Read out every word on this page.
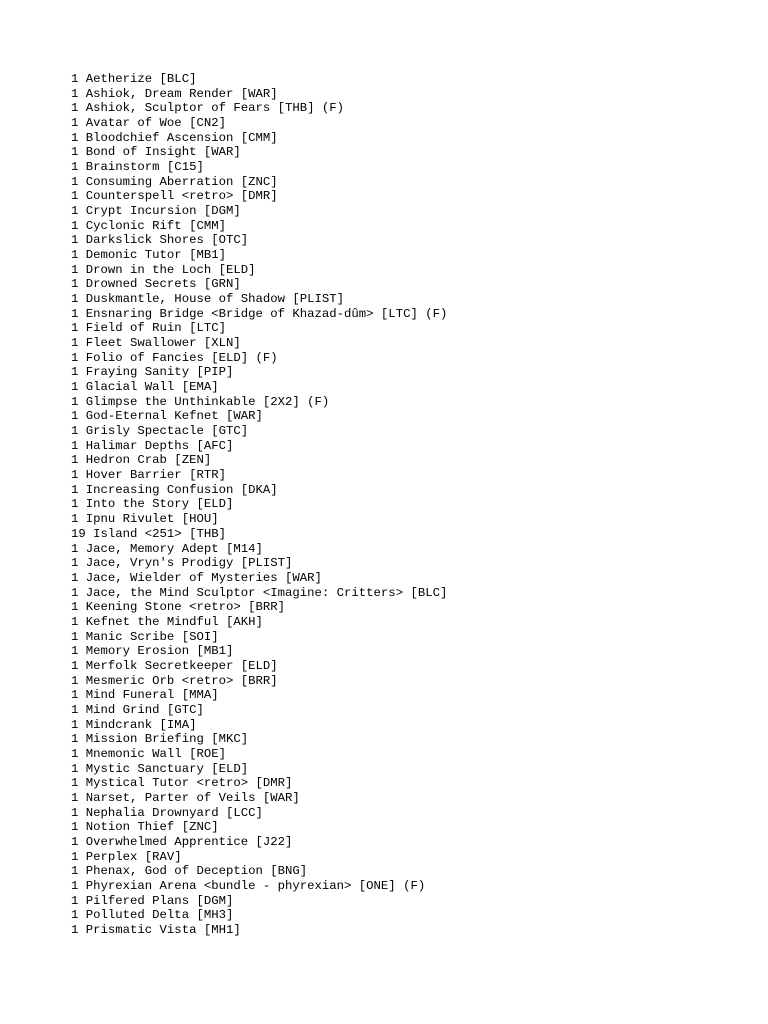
1 Aetherize [BLC]
1 Ashiok, Dream Render [WAR]
1 Ashiok, Sculptor of Fears [THB] (F)
1 Avatar of Woe [CN2]
1 Bloodchief Ascension [CMM]
1 Bond of Insight [WAR]
1 Brainstorm [C15]
1 Consuming Aberration [ZNC]
1 Counterspell <retro> [DMR]
1 Crypt Incursion [DGM]
1 Cyclonic Rift [CMM]
1 Darkslick Shores [OTC]
1 Demonic Tutor [MB1]
1 Drown in the Loch [ELD]
1 Drowned Secrets [GRN]
1 Duskmantle, House of Shadow [PLIST]
1 Ensnaring Bridge <Bridge of Khazad-dûm> [LTC] (F)
1 Field of Ruin [LTC]
1 Fleet Swallower [XLN]
1 Folio of Fancies [ELD] (F)
1 Fraying Sanity [PIP]
1 Glacial Wall [EMA]
1 Glimpse the Unthinkable [2X2] (F)
1 God-Eternal Kefnet [WAR]
1 Grisly Spectacle [GTC]
1 Halimar Depths [AFC]
1 Hedron Crab [ZEN]
1 Hover Barrier [RTR]
1 Increasing Confusion [DKA]
1 Into the Story [ELD]
1 Ipnu Rivulet [HOU]
19 Island <251> [THB]
1 Jace, Memory Adept [M14]
1 Jace, Vryn's Prodigy [PLIST]
1 Jace, Wielder of Mysteries [WAR]
1 Jace, the Mind Sculptor <Imagine: Critters> [BLC]
1 Keening Stone <retro> [BRR]
1 Kefnet the Mindful [AKH]
1 Manic Scribe [SOI]
1 Memory Erosion [MB1]
1 Merfolk Secretkeeper [ELD]
1 Mesmeric Orb <retro> [BRR]
1 Mind Funeral [MMA]
1 Mind Grind [GTC]
1 Mindcrank [IMA]
1 Mission Briefing [MKC]
1 Mnemonic Wall [ROE]
1 Mystic Sanctuary [ELD]
1 Mystical Tutor <retro> [DMR]
1 Narset, Parter of Veils [WAR]
1 Nephalia Drownyard [LCC]
1 Notion Thief [ZNC]
1 Overwhelmed Apprentice [J22]
1 Perplex [RAV]
1 Phenax, God of Deception [BNG]
1 Phyrexian Arena <bundle - phyrexian> [ONE] (F)
1 Pilfered Plans [DGM]
1 Polluted Delta [MH3]
1 Prismatic Vista [MH1]
